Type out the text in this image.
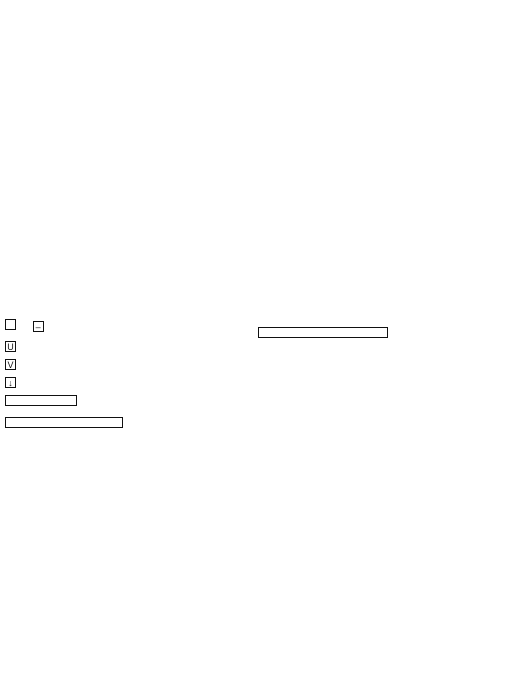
–
U
V
↓
